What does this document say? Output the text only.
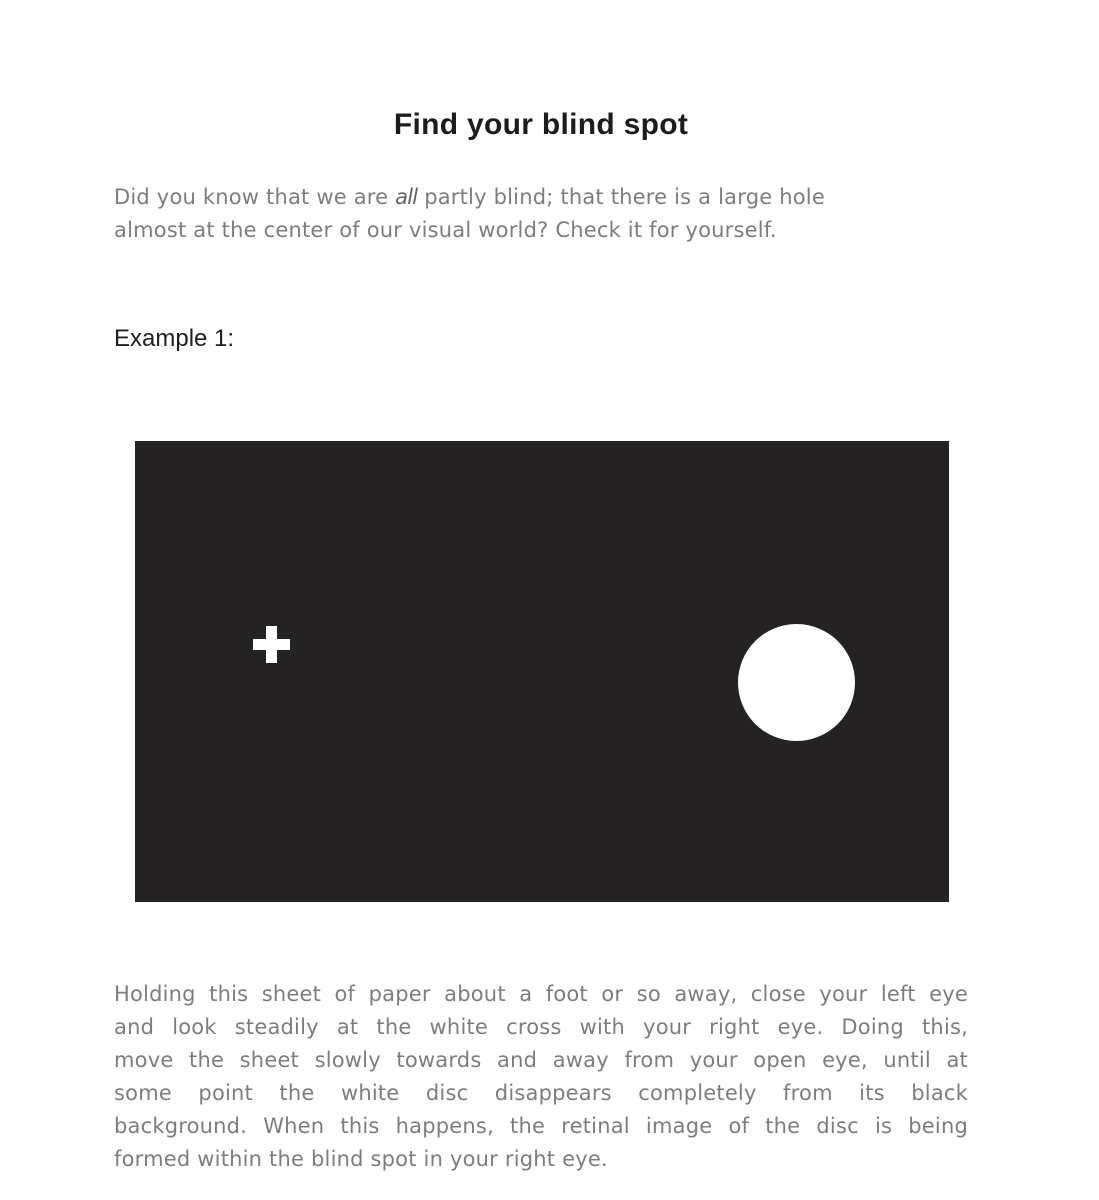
Find your blind spot
Did you know that we are all partly blind; that there is a large hole
almost at the center of our visual world? Check it for yourself.
Example 1:
Holding this sheet of paper about a foot or so away, close your left eye
and look steadily at the white cross with your right eye. Doing this,
move the sheet slowly towards and away from your open eye, until at
some point the white disc disappears completely from its black
background. When this happens, the retinal image of the disc is being
formed within the blind spot in your right eye.
